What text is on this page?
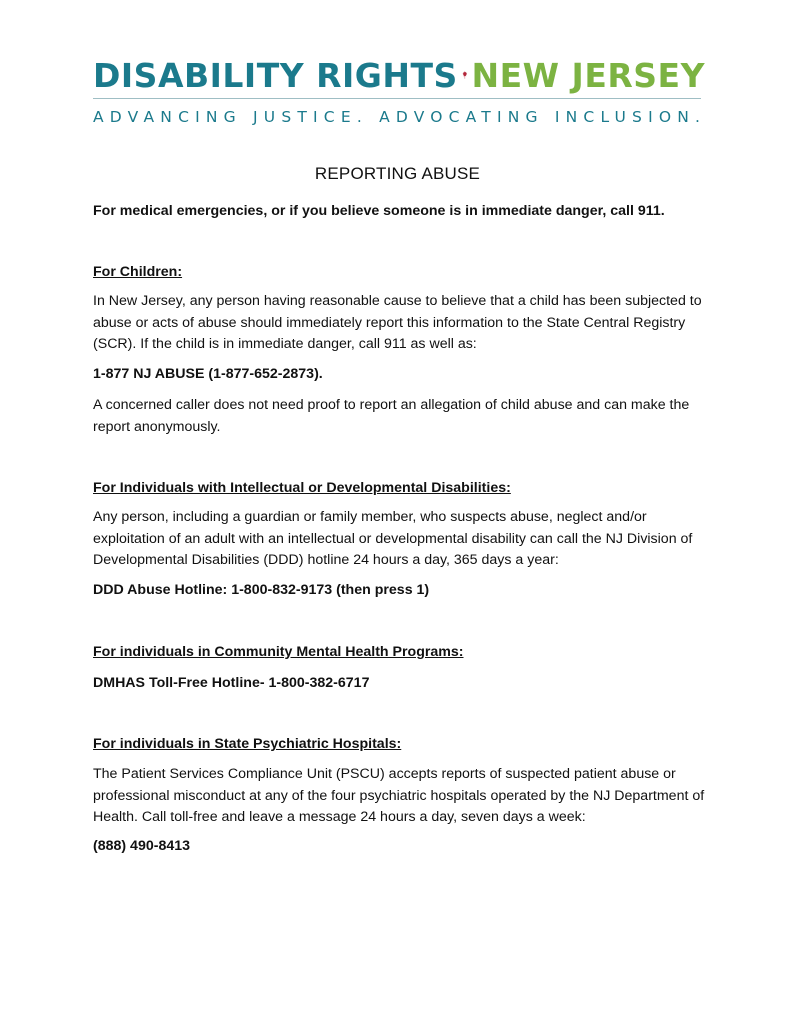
DISABILITY RIGHTS NEW JERSEY
ADVANCING JUSTICE. ADVOCATING INCLUSION.
REPORTING ABUSE
For medical emergencies, or if you believe someone is in immediate danger, call 911.
For Children:
In New Jersey, any person having reasonable cause to believe that a child has been subjected to abuse or acts of abuse should immediately report this information to the State Central Registry (SCR). If the child is in immediate danger, call 911 as well as:
1-877 NJ ABUSE (1-877-652-2873).
A concerned caller does not need proof to report an allegation of child abuse and can make the report anonymously.
For Individuals with Intellectual or Developmental Disabilities:
Any person, including a guardian or family member, who suspects abuse, neglect and/or exploitation of an adult with an intellectual or developmental disability can call the NJ Division of Developmental Disabilities (DDD) hotline 24 hours a day, 365 days a year:
DDD Abuse Hotline: 1-800-832-9173 (then press 1)
For individuals in Community Mental Health Programs:
DMHAS Toll-Free Hotline- 1-800-382-6717
For individuals in State Psychiatric Hospitals:
The Patient Services Compliance Unit (PSCU) accepts reports of suspected patient abuse or professional misconduct at any of the four psychiatric hospitals operated by the NJ Department of Health. Call toll-free and leave a message 24 hours a day, seven days a week:
(888) 490-8413
